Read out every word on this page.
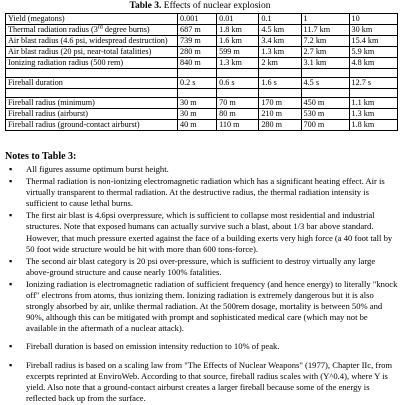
Table 3. Effects of nuclear explosion
Yield (megatons)	0.001	0.01	0.1	1	10
Thermal radiation radius (3rd degree burns)	687 m	1.8 km	4.5 km	11.7 km	30 km
Air blast radius (4.6 psi, widespread destruction)	739 m	1.6 km	3.4 km	7.2 km	15.4 km
Air blast radius (20 psi, near-total fatalities)	280 m	599 m	1.3 km	2.7 km	5.9 km
Ionizing radiation radius (500 rem)	840 m	1.3 km	2 km	3.1 km	4.8 km

Fireball duration	0.2 s	0.6 s	1.6 s	4.5 s	12.7 s

Fireball radius (minimum)	30 m	70 m	170 m	450 m	1.1 km
Fireball radius (airburst)	30 m	80 m	210 m	530 m	1.3 km
Fireball radius (ground-contact airburst)	40 m	110 m	280 m	700 m	1.8 km
Notes to Table 3:
▪ All figures assume optimum burst height.
▪ Thermal radiation is non-ionizing electromagnetic radiation which has a significant heating effect. Air is virtually transparent to thermal radiation. At the destructive radius, the thermal radiation intensity is sufficient to cause lethal burns.
▪ The first air blast is 4.6psi overpressure, which is sufficient to collapse most residential and industrial structures. Note that exposed humans can actually survive such a blast, about 1/3 bar above standard. However, that much pressure exerted against the face of a building exerts very high force (a 40 foot tall by 50 foot wide structure would be hit with more than 600 tons-force).
▪ The second air blast category is 20 psi over-pressure, which is sufficient to destroy virtually any large above-ground structure and cause nearly 100% fatalities.
▪ Ionizing radiation is electromagnetic radiation of sufficient frequency (and hence energy) to literally "knock off" electrons from atoms, thus ionizing them. Ionizing radiation is extremely dangerous but it is also strongly absorbed by air, unlike thermal radiation. At the 500rem dosage, mortality is between 50% and 90%, although this can be mitigated with prompt and sophisticated medical care (which may not be available in the aftermath of a nuclear attack).
▪ Fireball duration is based on emission intensity reduction to 10% of peak.
▪ Fireball radius is based on a scaling law from "The Effects of Nuclear Weapons" (1977), Chapter IIc, from excerpts reprinted at EnviroWeb. According to that source, fireball radius scales with (Y^0.4), where Y is yield. Also note that a ground-contact airburst creates a larger fireball because some of the energy is reflected back up from the surface.
